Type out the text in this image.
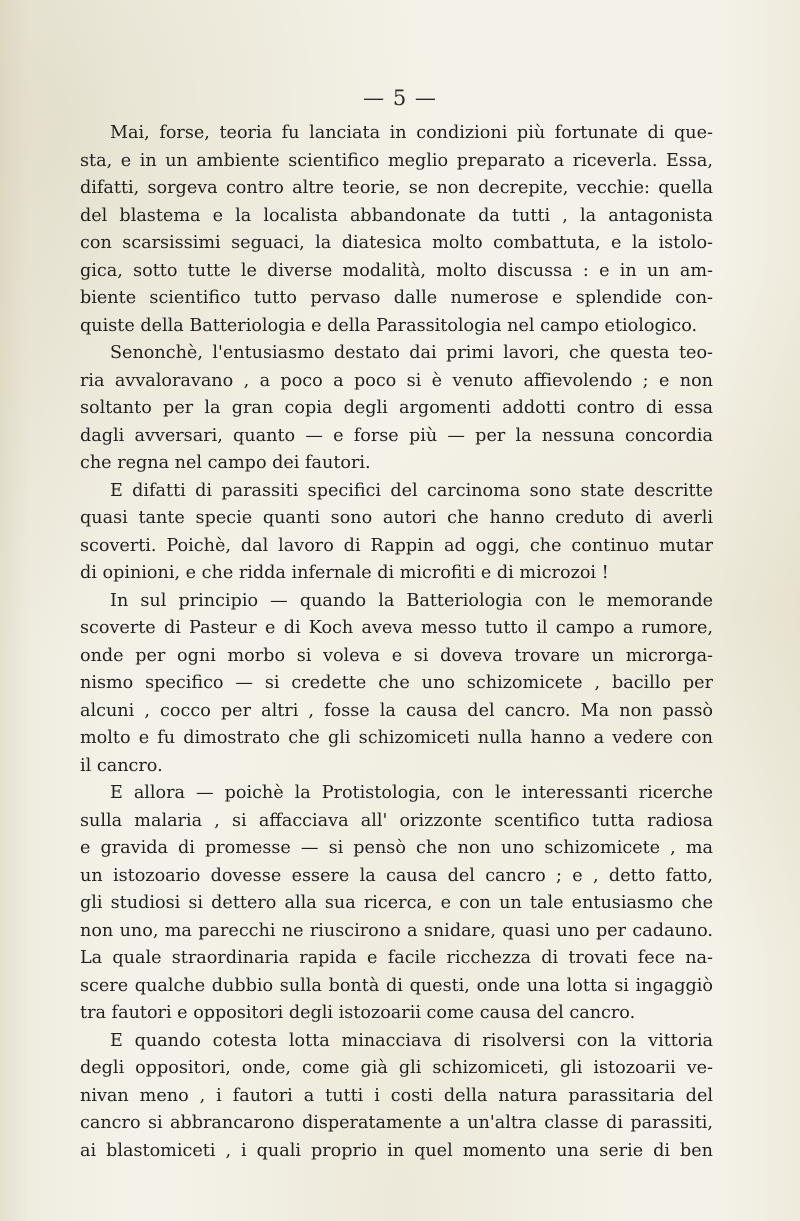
— 5 —
Mai, forse, teoria fu lanciata in condizioni più fortunate di que-
sta, e in un ambiente scientifico meglio preparato a riceverla. Essa,
difatti, sorgeva contro altre teorie, se non decrepite, vecchie: quella
del blastema e la localista abbandonate da tutti , la antagonista
con scarsissimi seguaci, la diatesica molto combattuta, e la istolo-
gica, sotto tutte le diverse modalità, molto discussa : e in un am-
biente scientifico tutto pervaso dalle numerose e splendide con-
quiste della Batteriologia e della Parassitologia nel campo etiologico.
Senonchè, l'entusiasmo destato dai primi lavori, che questa teo-
ria avvaloravano , a poco a poco si è venuto affievolendo ; e non
soltanto per la gran copia degli argomenti addotti contro di essa
dagli avversari, quanto — e forse più — per la nessuna concordia
che regna nel campo dei fautori.
E difatti di parassiti specifici del carcinoma sono state descritte
quasi tante specie quanti sono autori che hanno creduto di averli
scoverti. Poichè, dal lavoro di Rappin ad oggi, che continuo mutar
di opinioni, e che ridda infernale di microfiti e di microzoi !
In sul principio — quando la Batteriologia con le memorande
scoverte di Pasteur e di Koch aveva messo tutto il campo a rumore,
onde per ogni morbo si voleva e si doveva trovare un microrga-
nismo specifico — si credette che uno schizomicete , bacillo per
alcuni , cocco per altri , fosse la causa del cancro. Ma non passò
molto e fu dimostrato che gli schizomiceti nulla hanno a vedere con
il cancro.
E allora — poichè la Protistologia, con le interessanti ricerche
sulla malaria , si affacciava all' orizzonte scentifico tutta radiosa
e gravida di promesse — si pensò che non uno schizomicete , ma
un istozoario dovesse essere la causa del cancro ; e , detto fatto,
gli studiosi si dettero alla sua ricerca, e con un tale entusiasmo che
non uno, ma parecchi ne riuscirono a snidare, quasi uno per cadauno.
La quale straordinaria rapida e facile ricchezza di trovati fece na-
scere qualche dubbio sulla bontà di questi, onde una lotta si ingaggiò
tra fautori e oppositori degli istozoarii come causa del cancro.
E quando cotesta lotta minacciava di risolversi con la vittoria
degli oppositori, onde, come già gli schizomiceti, gli istozoarii ve-
nivan meno , i fautori a tutti i costi della natura parassitaria del
cancro si abbrancarono disperatamente a un'altra classe di parassiti,
ai blastomiceti , i quali proprio in quel momento una serie di ben
